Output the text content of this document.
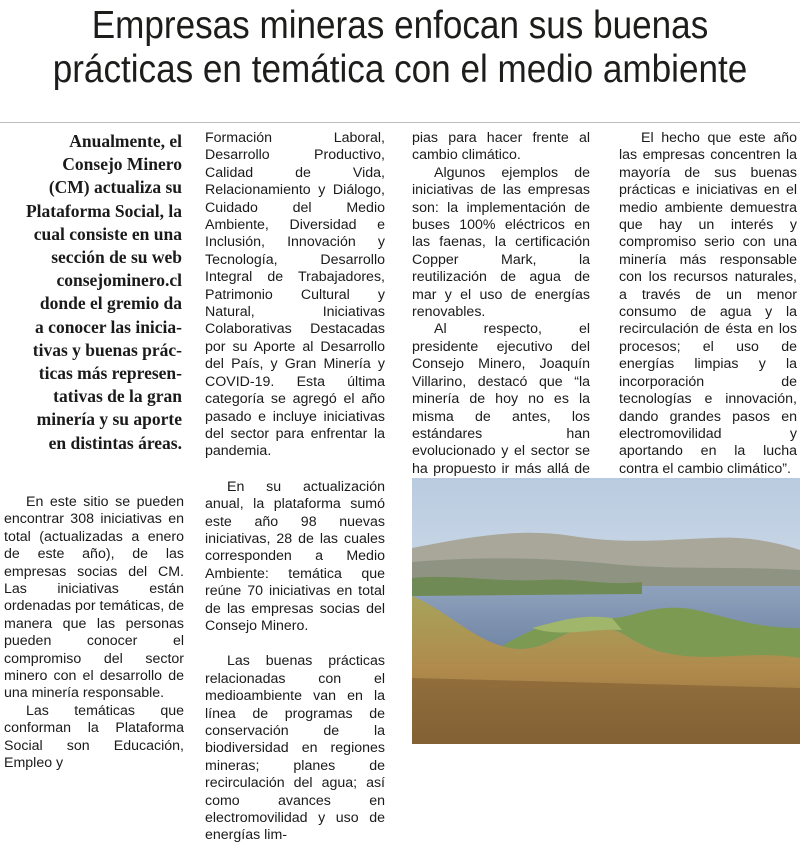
Empresas mineras enfocan sus buenas
prácticas en temática con el medio ambiente
Anualmente, el
Consejo Minero
(CM) actualiza su
Plataforma Social, la
cual consiste en una
sección de su web
consejominero.cl
donde el gremio da
a conocer las inicia-
tivas y buenas prác-
ticas más represen-
tativas de la gran
minería y su aporte
en distintas áreas.

En este sitio se pueden encontrar 308 iniciativas en total (actualizadas a enero de este año), de las empresas socias del CM. Las iniciativas están ordenadas por temáticas, de manera que las personas pueden conocer el compromiso del sector minero con el desarrollo de una minería responsable.

Las temáticas que conforman la Plataforma Social son Educación, Empleo y

Formación Laboral, Desarrollo Productivo, Calidad de Vida, Relacionamiento y Diálogo, Cuidado del Medio Ambiente, Diversidad e Inclusión, Innovación y Tecnología, Desarrollo Integral de Trabajadores, Patrimonio Cultural y Natural, Iniciativas Colaborativas Destacadas por su Aporte al Desarrollo del País, y Gran Minería y COVID-19. Esta última categoría se agregó el año pasado e incluye iniciativas del sector para enfrentar la pandemia.

En su actualización anual, la plataforma sumó este año 98 nuevas iniciativas, 28 de las cuales corresponden a Medio Ambiente: temática que reúne 70 iniciativas en total de las empresas socias del Consejo Minero.

Las buenas prácticas relacionadas con el medioambiente van en la línea de programas de conservación de la biodiversidad en regiones mineras; planes de recirculación del agua; así como avances en electromovilidad y uso de energías lim-

pias para hacer frente al cambio climático.

Algunos ejemplos de iniciativas de las empresas son: la implementación de buses 100% eléctricos en las faenas, la certificación Copper Mark, la reutilización de agua de mar y el uso de energías renovables.

Al respecto, el presidente ejecutivo del Consejo Minero, Joaquín Villarino, destacó que “la minería de hoy no es la misma de antes, los estándares han evolucionado y el sector se ha propuesto ir más allá de

El hecho que este año las empresas concentren la mayoría de sus buenas prácticas e iniciativas en el medio ambiente demuestra que hay un interés y compromiso serio con una minería más responsable con los recursos naturales, a través de un menor consumo de agua y la recirculación de ésta en los procesos; el uso de energías limpias y la incorporación de tecnologías e innovación, dando grandes pasos en electromovilidad y aportando en la lucha contra el cambio climático”.
